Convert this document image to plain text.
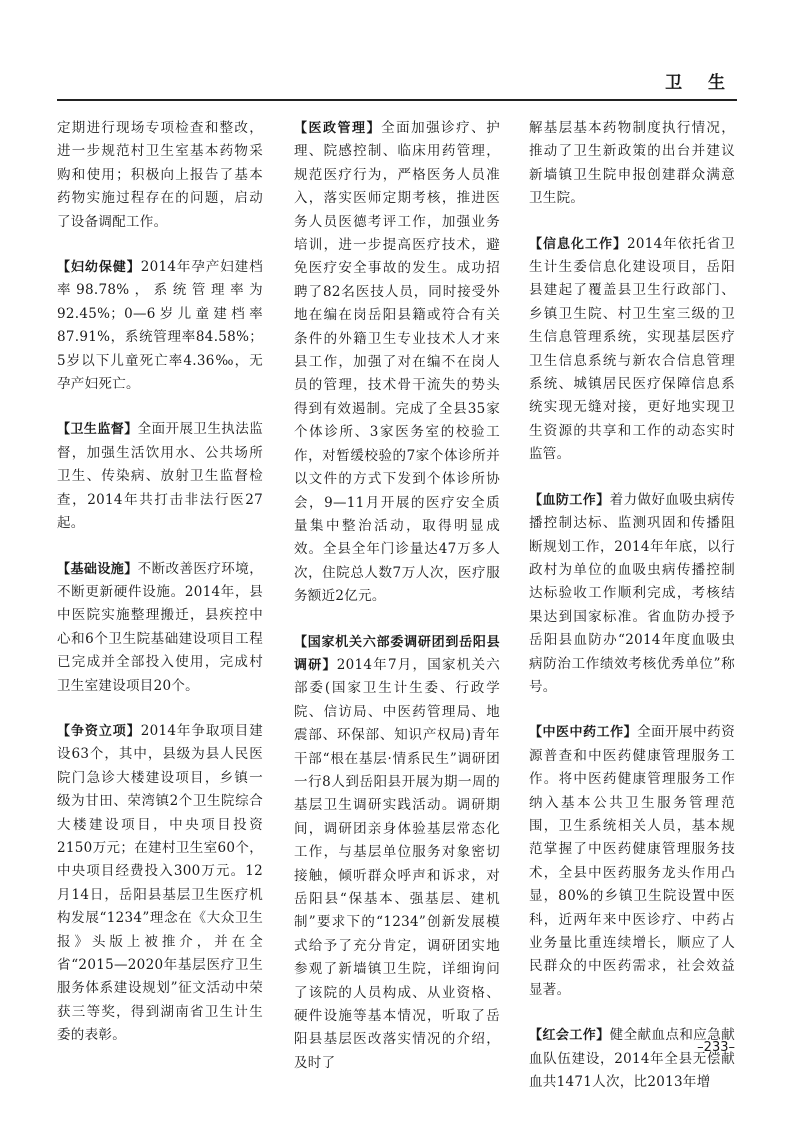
卫 生

定期进行现场专项检查和整改，进一步规范村卫生室基本药物采购和使用；积极向上报告了基本药物实施过程存在的问题，启动了设备调配工作。

【妇幼保健】2014年孕产妇建档率98.78%，系统管理率为92.45%；0—6岁儿童建档率87.91%，系统管理率84.58%；5岁以下儿童死亡率4.36‰，无孕产妇死亡。

【卫生监督】全面开展卫生执法监督，加强生活饮用水、公共场所卫生、传染病、放射卫生监督检查，2014年共打击非法行医27起。

【基础设施】不断改善医疗环境，不断更新硬件设施。2014年，县中医院实施整理搬迁，县疾控中心和6个卫生院基础建设项目工程已完成并全部投入使用，完成村卫生室建设项目20个。

【争资立项】2014年争取项目建设63个，其中，县级为县人民医院门急诊大楼建设项目，乡镇一级为甘田、荣湾镇2个卫生院综合大楼建设项目，中央项目投资2150万元；在建村卫生室60个，中央项目经费投入300万元。12月14日，岳阳县基层卫生医疗机构发展“1234”理念在《大众卫生报》头版上被推介，并在全省“2015—2020年基层医疗卫生服务体系建设规划”征文活动中荣获三等奖，得到湖南省卫生计生委的表彰。

【医政管理】全面加强诊疗、护理、院感控制、临床用药管理，规范医疗行为，严格医务人员准入，落实医师定期考核，推进医务人员医德考评工作，加强业务培训，进一步提高医疗技术，避免医疗安全事故的发生。成功招聘了82名医技人员，同时接受外地在编在岗岳阳县籍或符合有关条件的外籍卫生专业技术人才来县工作，加强了对在编不在岗人员的管理，技术骨干流失的势头得到有效遏制。完成了全县35家个体诊所、3家医务室的校验工作，对暂缓校验的7家个体诊所并以文件的方式下发到个体诊所协会，9—11月开展的医疗安全质量集中整治活动，取得明显成效。全县全年门诊量达47万多人次，住院总人数7万人次，医疗服务额近2亿元。

【国家机关六部委调研团到岳阳县调研】2014年7月，国家机关六部委(国家卫生计生委、行政学院、信访局、中医药管理局、地震部、环保部、知识产权局)青年干部“根在基层·情系民生”调研团一行8人到岳阳县开展为期一周的基层卫生调研实践活动。调研期间，调研团亲身体验基层常态化工作，与基层单位服务对象密切接触，倾听群众呼声和诉求，对岳阳县“保基本、强基层、建机制”要求下的“1234”创新发展模式给予了充分肯定，调研团实地参观了新墙镇卫生院，详细询问了该院的人员构成、从业资格、硬件设施等基本情况，听取了岳阳县基层医改落实情况的介绍，及时了

解基层基本药物制度执行情况，推动了卫生新政策的出台并建议新墙镇卫生院申报创建群众满意卫生院。

【信息化工作】2014年依托省卫生计生委信息化建设项目，岳阳县建起了覆盖县卫生行政部门、乡镇卫生院、村卫生室三级的卫生信息管理系统，实现基层医疗卫生信息系统与新农合信息管理系统、城镇居民医疗保障信息系统实现无缝对接，更好地实现卫生资源的共享和工作的动态实时监管。

【血防工作】着力做好血吸虫病传播控制达标、监测巩固和传播阻断规划工作，2014年年底，以行政村为单位的血吸虫病传播控制达标验收工作顺利完成，考核结果达到国家标准。省血防办授予岳阳县血防办“2014年度血吸虫病防治工作绩效考核优秀单位”称号。

【中医中药工作】全面开展中药资源普查和中医药健康管理服务工作。将中医药健康管理服务工作纳入基本公共卫生服务管理范围，卫生系统相关人员，基本规范掌握了中医药健康管理服务技术，全县中医药服务龙头作用凸显，80%的乡镇卫生院设置中医科，近两年来中医诊疗、中药占业务量比重连续增长，顺应了人民群众的中医药需求，社会效益显著。

【红会工作】健全献血点和应急献血队伍建设，2014年全县无偿献血共1471人次，比2013年增

–233–
